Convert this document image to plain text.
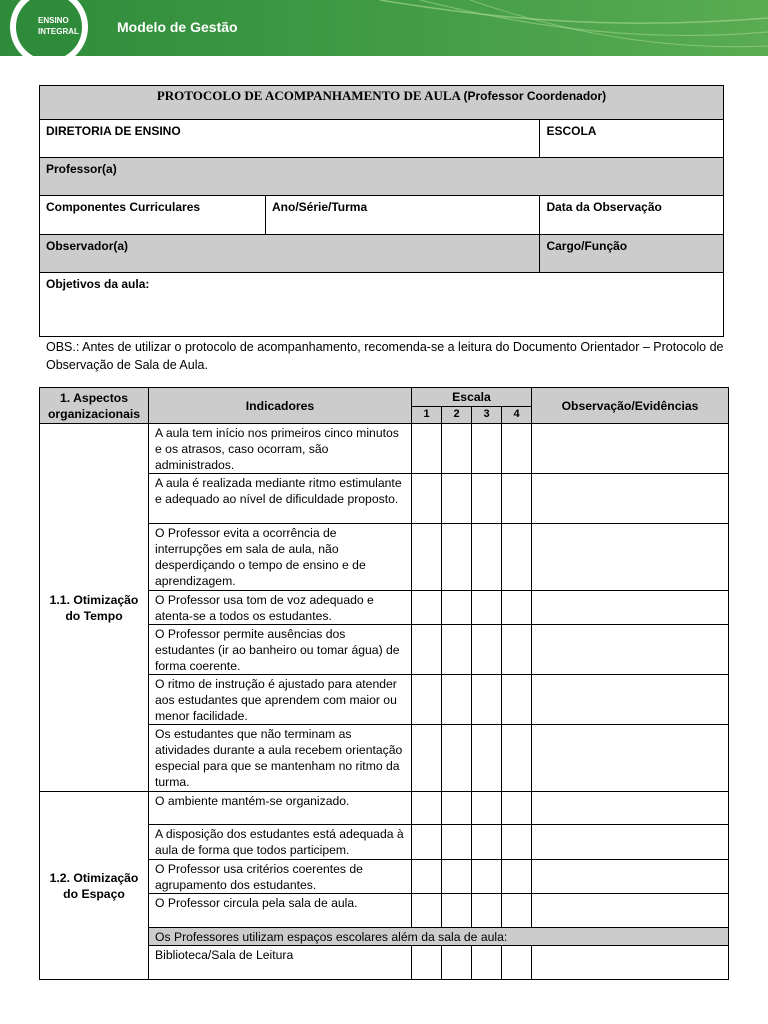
ENSINO INTEGRAL	Modelo de Gestão
PROTOCOLO DE ACOMPANHAMENTO DE AULA (Professor Coordenador)		
DIRETORIA DE ENSINO		ESCOLA
Professor(a)		
Componentes Curriculares	Ano/Série/Turma	Data da Observação
Observador(a)		Cargo/Função
Objetivos da aula:		
OBS.: Antes de utilizar o protocolo de acompanhamento, recomenda-se a leitura do Documento Orientador – Protocolo de Observação de Sala de Aula.
1. Aspectos organizacionais	Indicadores	Escala				Observação/Evidências
		1	2	3	4	
1.1. Otimização do Tempo	A aula tem início nos primeiros cinco minutos e os atrasos, caso ocorram, são administrados.					
	A aula é realizada mediante ritmo estimulante e adequado ao nível de dificuldade proposto.					
	O Professor evita a ocorrência de interrupções em sala de aula, não desperdiçando o tempo de ensino e de aprendizagem.					
	O Professor usa tom de voz adequado e atenta-se a todos os estudantes.					
	O Professor permite ausências dos estudantes (ir ao banheiro ou tomar água) de forma coerente.					
	O ritmo de instrução é ajustado para atender aos estudantes que aprendem com maior ou menor facilidade.					
	Os estudantes que não terminam as atividades durante a aula recebem orientação especial para que se mantenham no ritmo da turma.					
1.2. Otimização do Espaço	O ambiente mantém-se organizado.					
	A disposição dos estudantes está adequada à aula de forma que todos participem.					
	O Professor usa critérios coerentes de agrupamento dos estudantes.					
	O Professor circula pela sala de aula.					
	Os Professores utilizam espaços escolares além da sala de aula:					
	Biblioteca/Sala de Leitura					
